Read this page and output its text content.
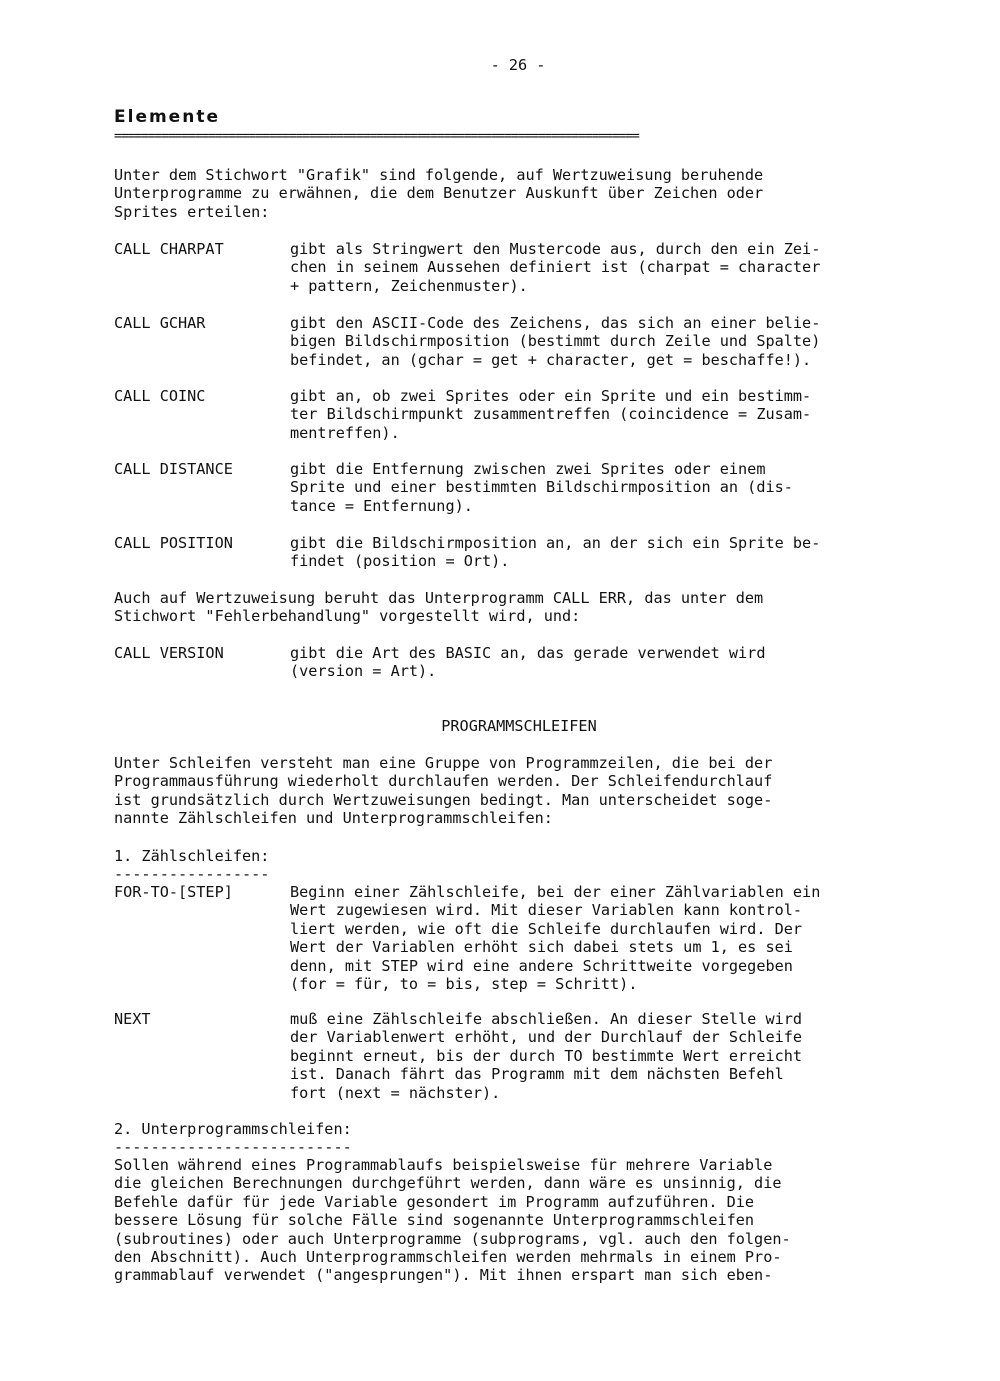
- 26 -
Elemente
==============================================================================
Unter dem Stichwort "Grafik" sind folgende, auf Wertzuweisung beruhende
Unterprogramme zu erwähnen, die dem Benutzer Auskunft über Zeichen oder
Sprites erteilen:
CALL CHARPAT	gibt als Stringwert den Mustercode aus, durch den ein Zei-
chen in seinem Aussehen definiert ist (charpat = character
+ pattern, Zeichenmuster).
CALL GCHAR	gibt den ASCII-Code des Zeichens, das sich an einer belie-
bigen Bildschirmposition (bestimmt durch Zeile und Spalte)
befindet, an (gchar = get + character, get = beschaffe!).
CALL COINC	gibt an, ob zwei Sprites oder ein Sprite und ein bestimm-
ter Bildschirmpunkt zusammentreffen (coincidence = Zusam-
mentreffen).
CALL DISTANCE	gibt die Entfernung zwischen zwei Sprites oder einem
Sprite und einer bestimmten Bildschirmposition an (dis-
tance = Entfernung).
CALL POSITION	gibt die Bildschirmposition an, an der sich ein Sprite be-
findet (position = Ort).
Auch auf Wertzuweisung beruht das Unterprogramm CALL ERR, das unter dem
Stichwort "Fehlerbehandlung" vorgestellt wird, und:
CALL VERSION	gibt die Art des BASIC an, das gerade verwendet wird
(version = Art).
PROGRAMMSCHLEIFEN
Unter Schleifen versteht man eine Gruppe von Programmzeilen, die bei der
Programmausführung wiederholt durchlaufen werden. Der Schleifendurchlauf
ist grundsätzlich durch Wertzuweisungen bedingt. Man unterscheidet soge-
nannte Zählschleifen und Unterprogrammschleifen:
1. Zählschleifen:
-----------------
FOR-TO-[STEP]	Beginn einer Zählschleife, bei der einer Zählvariablen ein
Wert zugewiesen wird. Mit dieser Variablen kann kontrol-
liert werden, wie oft die Schleife durchlaufen wird. Der
Wert der Variablen erhöht sich dabei stets um 1, es sei
denn, mit STEP wird eine andere Schrittweite vorgegeben
(for = für, to = bis, step = Schritt).
NEXT	muß eine Zählschleife abschließen. An dieser Stelle wird
der Variablenwert erhöht, und der Durchlauf der Schleife
beginnt erneut, bis der durch TO bestimmte Wert erreicht
ist. Danach fährt das Programm mit dem nächsten Befehl
fort (next = nächster).
2. Unterprogrammschleifen:
--------------------------
Sollen während eines Programmablaufs beispielsweise für mehrere Variable
die gleichen Berechnungen durchgeführt werden, dann wäre es unsinnig, die
Befehle dafür für jede Variable gesondert im Programm aufzuführen. Die
bessere Lösung für solche Fälle sind sogenannte Unterprogrammschleifen
(subroutines) oder auch Unterprogramme (subprograms, vgl. auch den folgen-
den Abschnitt). Auch Unterprogrammschleifen werden mehrmals in einem Pro-
grammablauf verwendet ("angesprungen"). Mit ihnen erspart man sich eben-
